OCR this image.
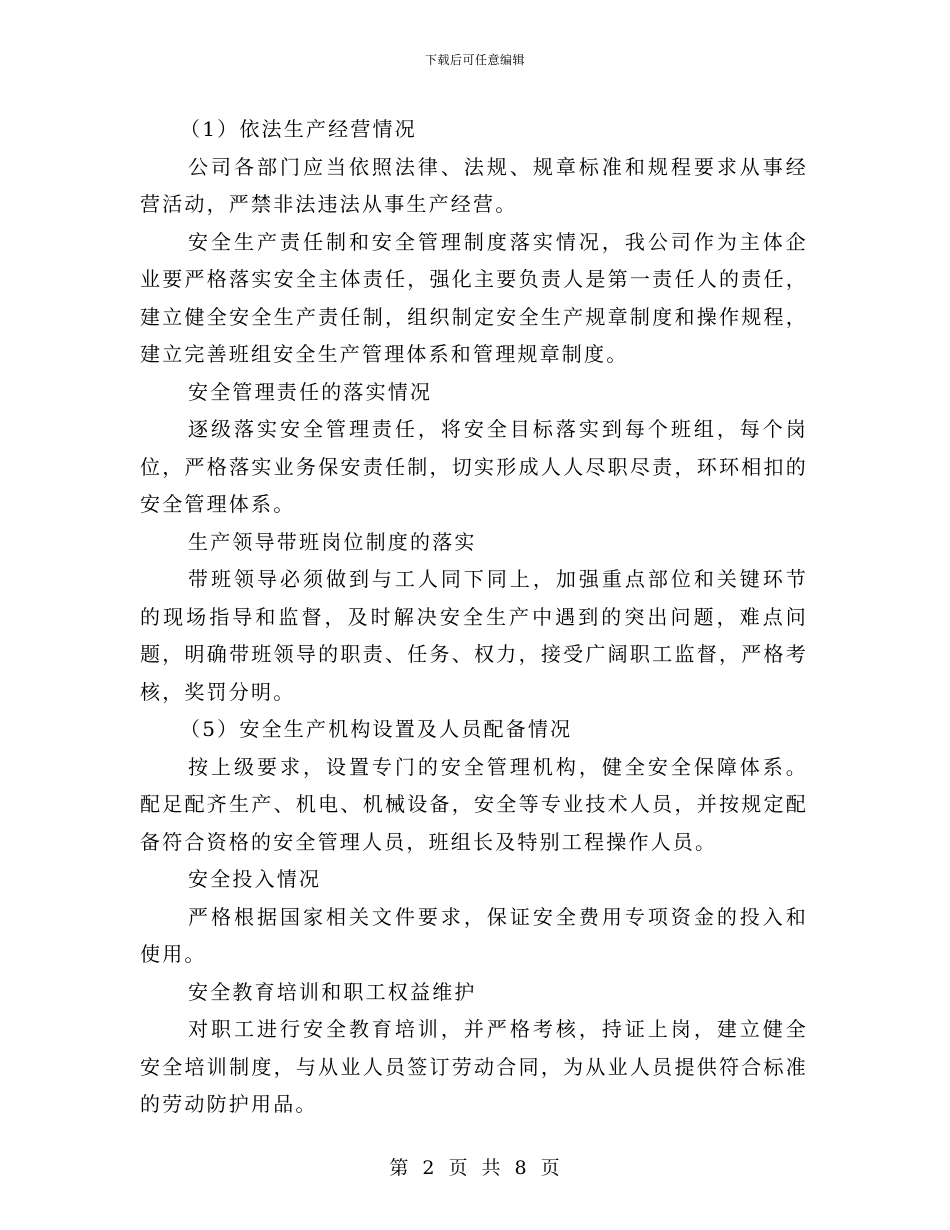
下载后可任意编辑

（1）依法生产经营情况

公司各部门应当依照法律、法规、规章标准和规程要求从事经营活动，严禁非法违法从事生产经营。

安全生产责任制和安全管理制度落实情况，我公司作为主体企业要严格落实安全主体责任，强化主要负责人是第一责任人的责任，建立健全安全生产责任制，组织制定安全生产规章制度和操作规程，建立完善班组安全生产管理体系和管理规章制度。

安全管理责任的落实情况

逐级落实安全管理责任，将安全目标落实到每个班组，每个岗位，严格落实业务保安责任制，切实形成人人尽职尽责，环环相扣的安全管理体系。

生产领导带班岗位制度的落实

带班领导必须做到与工人同下同上，加强重点部位和关键环节的现场指导和监督，及时解决安全生产中遇到的突出问题，难点问题，明确带班领导的职责、任务、权力，接受广阔职工监督，严格考核，奖罚分明。

（5）安全生产机构设置及人员配备情况

按上级要求，设置专门的安全管理机构，健全安全保障体系。配足配齐生产、机电、机械设备，安全等专业技术人员，并按规定配备符合资格的安全管理人员，班组长及特别工程操作人员。

安全投入情况

严格根据国家相关文件要求，保证安全费用专项资金的投入和使用。

安全教育培训和职工权益维护

对职工进行安全教育培训，并严格考核，持证上岗，建立健全安全培训制度，与从业人员签订劳动合同，为从业人员提供符合标准的劳动防护用品。

第 2 页 共 8 页
